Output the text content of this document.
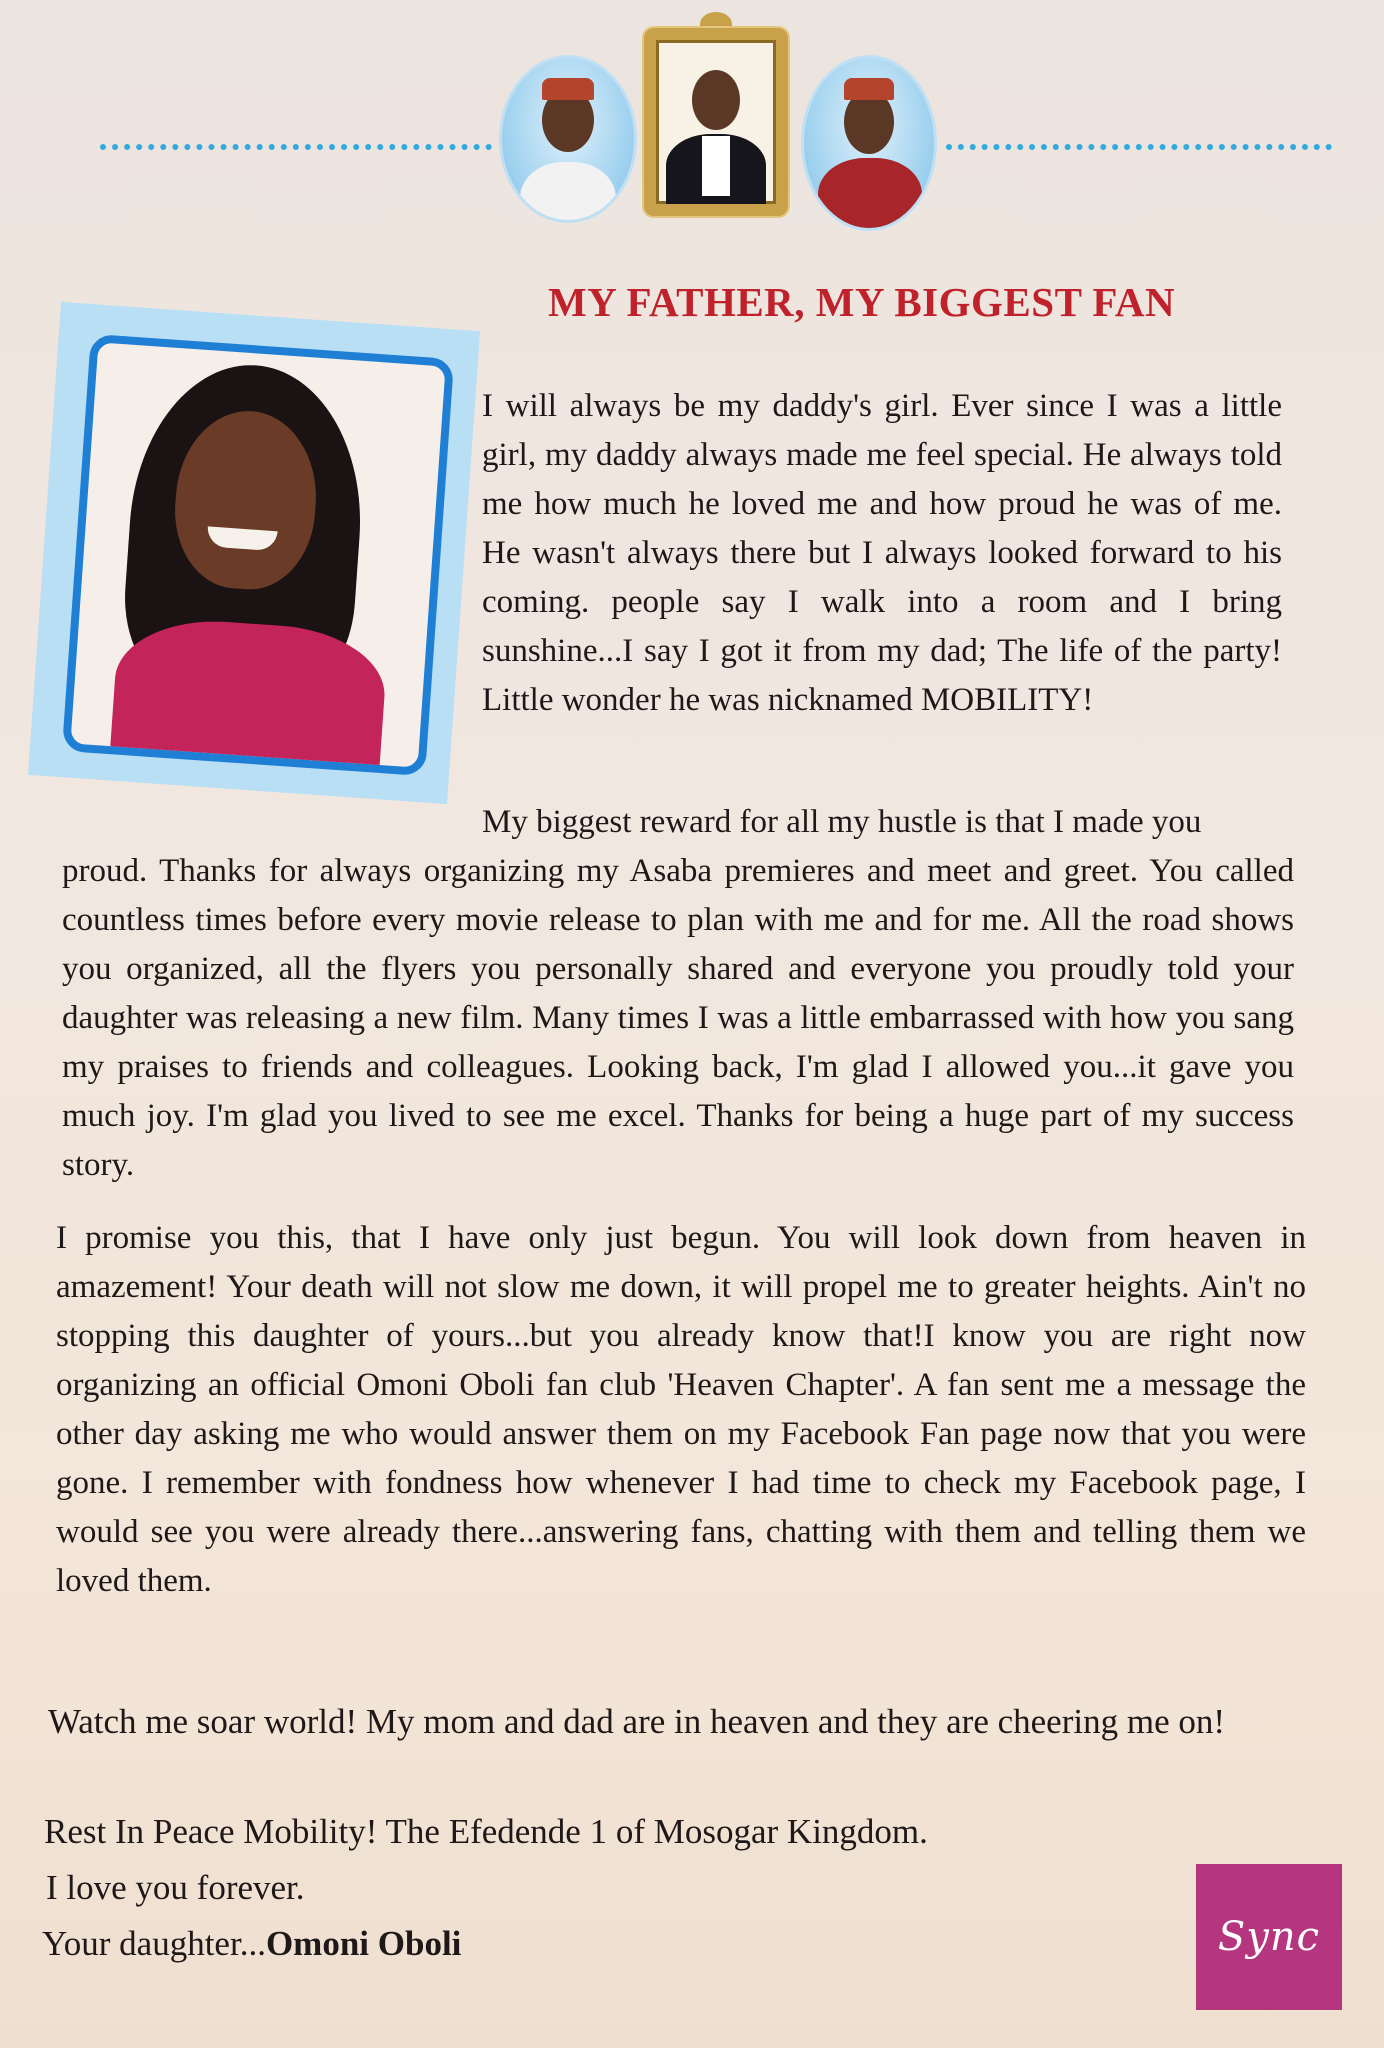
MY FATHER, MY BIGGEST FAN

I will always be my daddy's girl. Ever since I was a little girl, my daddy always made me feel special. He always told me how much he loved me and how proud he was of me. He wasn't always there but I always looked forward to his coming. people say I walk into a room and I bring sunshine...I say I got it from my dad; The life of the party! Little wonder he was nicknamed MOBILITY!

My biggest reward for all my hustle is that I made you
proud. Thanks for always organizing my Asaba premieres and meet and greet. You called countless times before every movie release to plan with me and for me. All the road shows you organized, all the flyers you personally shared and everyone you proudly told your daughter was releasing a new film. Many times I was a little embarrassed with how you sang my praises to friends and colleagues. Looking back, I'm glad I allowed you...it gave you much joy. I'm glad you lived to see me excel. Thanks for being a huge part of my success story.

I promise you this, that I have only just begun. You will look down from heaven in amazement! Your death will not slow me down, it will propel me to greater heights. Ain't no stopping this daughter of yours...but you already know that!I know you are right now organizing an official Omoni Oboli fan club 'Heaven Chapter'. A fan sent me a message the other day asking me who would answer them on my Facebook Fan page now that you were gone. I remember with fondness how whenever I had time to check my Facebook page, I would see you were already there...answering fans, chatting with them and telling them we loved them.

Watch me soar world! My mom and dad are in heaven and they are cheering me on!

Rest In Peace Mobility! The Efedende 1 of Mosogar Kingdom.
I love you forever.
Your daughter...Omoni Oboli	Sync
